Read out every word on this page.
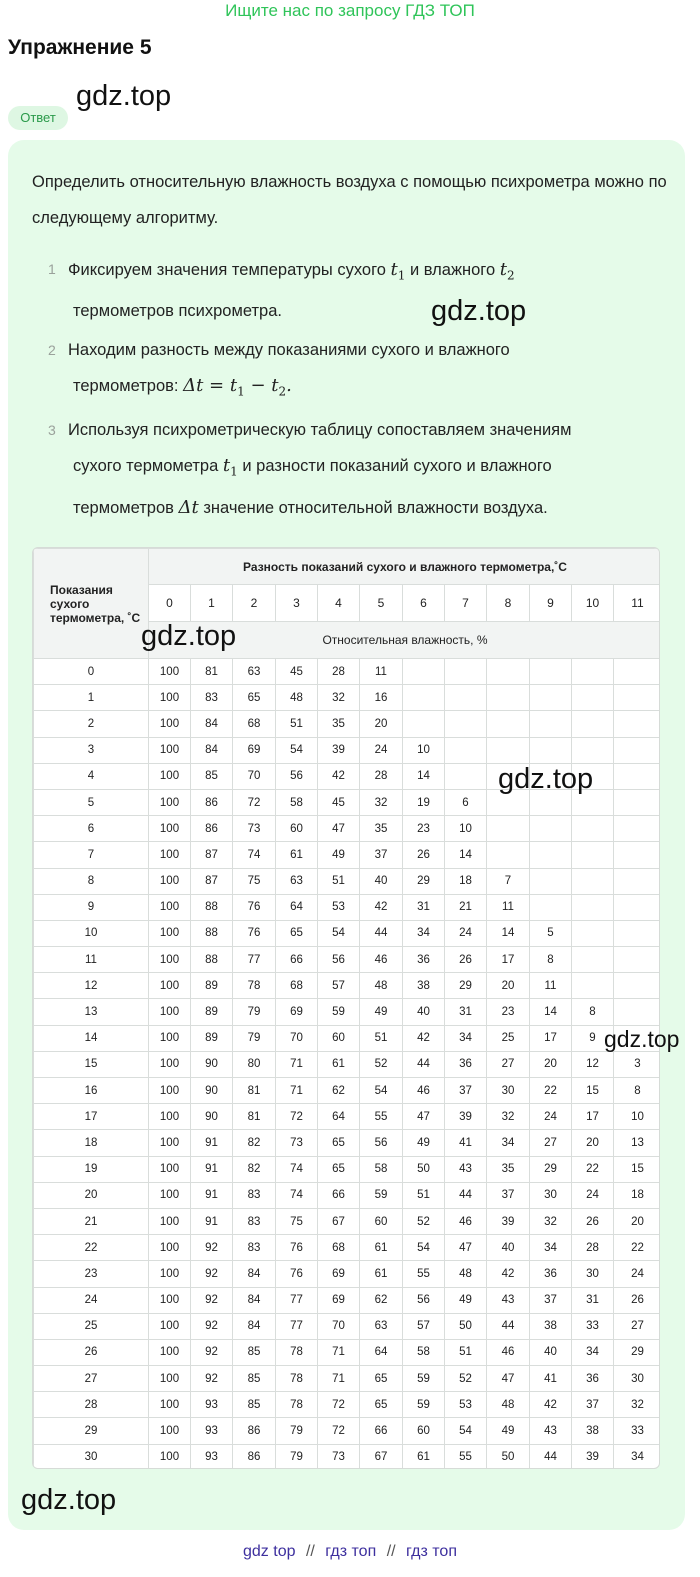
Ищите нас по запросу ГДЗ ТОП
Упражнение 5
Ответ
gdz.top
Определить относительную влажность воздуха с помощью психрометра можно по следующему алгоритму.
1 Фиксируем значения температуры сухого $t_1$ и влажного $t_2$
термометров психрометра.	gdz.top
2 Находим разность между показаниями сухого и влажного
термометров: $\Delta t = t_1 - t_2$.
3 Используя психрометрическую таблицу сопоставляем значениям
сухого термометра $t_1$ и разности показаний сухого и влажного
термометров Δt значение относительной влажности воздуха.
Показания сухого термометра, ˚С	Разность показаний сухого и влажного термометра,˚С											
	0	1	2	3	4	5	6	7	8	9	10	11
	Относительная влажность, %											
0	100	81	63	45	28	11						
1	100	83	65	48	32	16						
2	100	84	68	51	35	20						
3	100	84	69	54	39	24	10					
4	100	85	70	56	42	28	14					
5	100	86	72	58	45	32	19	6				
6	100	86	73	60	47	35	23	10				
7	100	87	74	61	49	37	26	14				
8	100	87	75	63	51	40	29	18	7			
9	100	88	76	64	53	42	31	21	11			
10	100	88	76	65	54	44	34	24	14	5		
11	100	88	77	66	56	46	36	26	17	8		
12	100	89	78	68	57	48	38	29	20	11		
13	100	89	79	69	59	49	40	31	23	14	8	
14	100	89	79	70	60	51	42	34	25	17	9	
15	100	90	80	71	61	52	44	36	27	20	12	3
16	100	90	81	71	62	54	46	37	30	22	15	8
17	100	90	81	72	64	55	47	39	32	24	17	10
18	100	91	82	73	65	56	49	41	34	27	20	13
19	100	91	82	74	65	58	50	43	35	29	22	15
20	100	91	83	74	66	59	51	44	37	30	24	18
21	100	91	83	75	67	60	52	46	39	32	26	20
22	100	92	83	76	68	61	54	47	40	34	28	22
23	100	92	84	76	69	61	55	48	42	36	30	24
24	100	92	84	77	69	62	56	49	43	37	31	26
25	100	92	84	77	70	63	57	50	44	38	33	27
26	100	92	85	78	71	64	58	51	46	40	34	29
27	100	92	85	78	71	65	59	52	47	41	36	30
28	100	93	85	78	72	65	59	53	48	42	37	32
29	100	93	86	79	72	66	60	54	49	43	38	33
30	100	93	86	79	73	67	61	55	50	44	39	34
gdz.top
gdz.top
gdz.top
gdz.top
gdz top // гдз топ // гдз топ
